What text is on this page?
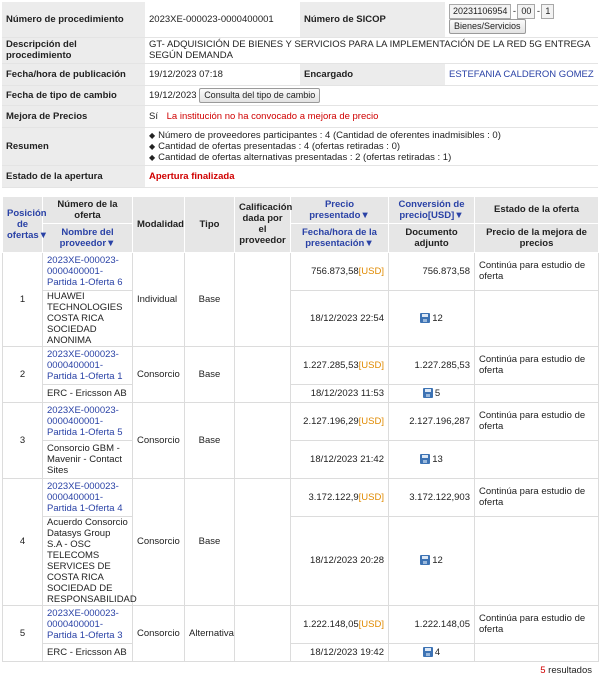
Número de procedimiento	2023XE-000023-0000400001	Número de SICOP	20231106954 - 00 - 1
Bienes/Servicios
Descripción del procedimiento	GT- ADQUISICIÓN DE BIENES Y SERVICIOS PARA LA IMPLEMENTACIÓN DE LA RED 5G ENTREGA SEGÚN DEMANDA		
Fecha/hora de publicación	19/12/2023 07:18	Encargado	ESTEFANIA CALDERON GOMEZ
Fecha de tipo de cambio	19/12/2023 Consulta del tipo de cambio		
Mejora de Precios	Sí La institución no ha convocado a mejora de precio		
Resumen	◆ Número de proveedores participantes : 4 (Cantidad de oferentes inadmisibles : 0)
◆ Cantidad de ofertas presentadas : 4 (ofertas retiradas : 0)
◆ Cantidad de ofertas alternativas presentadas : 2 (ofertas retiradas : 1)

Estado de la apertura	Apertura finalizada		
Posición de ofertas▼	Número de la oferta	Modalidad	Tipo	Calificación dada por el proveedor	Precio presentado▼	Conversión de precio[USD]▼	Estado de la oferta
	Nombre del proveedor▼				Fecha/hora de la presentación▼	Documento adjunto	Precio de la mejora de precios
1	2023XE-000023-0000400001-Partida 1-Oferta 6	Individual	Base		756.873,58[USD]	756.873,58	Continúa para estudio de oferta
	HUAWEI TECHNOLOGIES COSTA RICA SOCIEDAD ANONIMA				18/12/2023 22:54	12	
2	2023XE-000023-0000400001-Partida 1-Oferta 1	Consorcio	Base		1.227.285,53[USD]	1.227.285,53	Continúa para estudio de oferta
	ERC - Ericsson AB				18/12/2023 11:53	5	
3	2023XE-000023-0000400001-Partida 1-Oferta 5	Consorcio	Base		2.127.196,29[USD]	2.127.196,287	Continúa para estudio de oferta
	Consorcio GBM - Mavenir - Contact Sites				18/12/2023 21:42	13	
4	2023XE-000023-0000400001-Partida 1-Oferta 4	Consorcio	Base		3.172.122,9[USD]	3.172.122,903	Continúa para estudio de oferta
	Acuerdo Consorcio Datasys Group S.A - OSC TELECOMS SERVICES DE COSTA RICA SOCIEDAD DE RESPONSABILIDAD				18/12/2023 20:28	12	
5	2023XE-000023-0000400001-Partida 1-Oferta 3	Consorcio	Alternativa		1.222.148,05[USD]	1.222.148,05	Continúa para estudio de oferta
	ERC - Ericsson AB				18/12/2023 19:42	4	
5 resultados
